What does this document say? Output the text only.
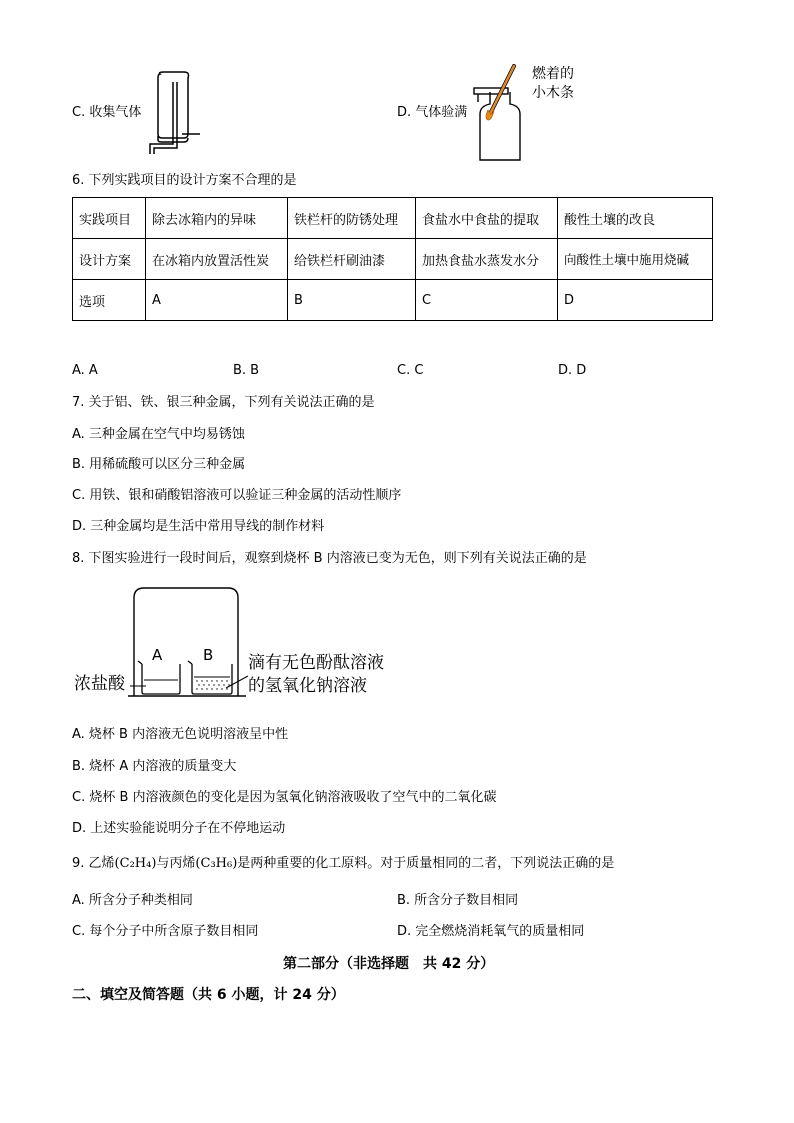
C. 收集气体
燃着的
小木条
D. 气体验满
6. 下列实践项目的设计方案不合理的是
实践项目	除去冰箱内的异味	铁栏杆的防锈处理	食盐水中食盐的提取	酸性土壤的改良
设计方案	在冰箱内放置活性炭	给铁栏杆刷油漆	加热食盐水蒸发水分	向酸性土壤中施用烧碱
选项	A	B	C	D
A. A	B. B	C. C	D. D
7. 关于铝、铁、银三种金属，下列有关说法正确的是
A. 三种金属在空气中均易锈蚀
B. 用稀硫酸可以区分三种金属
C. 用铁、银和硝酸铝溶液可以验证三种金属的活动性顺序
D. 三种金属均是生活中常用导线的制作材料
8. 下图实验进行一段时间后，观察到烧杯 B 内溶液已变为无色，则下列有关说法正确的是
A	B
浓盐酸
滴有无色酚酞溶液
的氢氧化钠溶液
A. 烧杯 B 内溶液无色说明溶液呈中性
B. 烧杯 A 内溶液的质量变大
C. 烧杯 B 内溶液颜色的变化是因为氢氧化钠溶液吸收了空气中的二氧化碳
D. 上述实验能说明分子在不停地运动
9. 乙烯(C₂H₄)与丙烯(C₃H₆)是两种重要的化工原料。对于质量相同的二者，下列说法正确的是
A. 所含分子种类相同	B. 所含分子数目相同
C. 每个分子中所含原子数目相同	D. 完全燃烧消耗氧气的质量相同
第二部分（非选择题　共 42 分）
二、填空及简答题（共 6 小题，计 24 分）
